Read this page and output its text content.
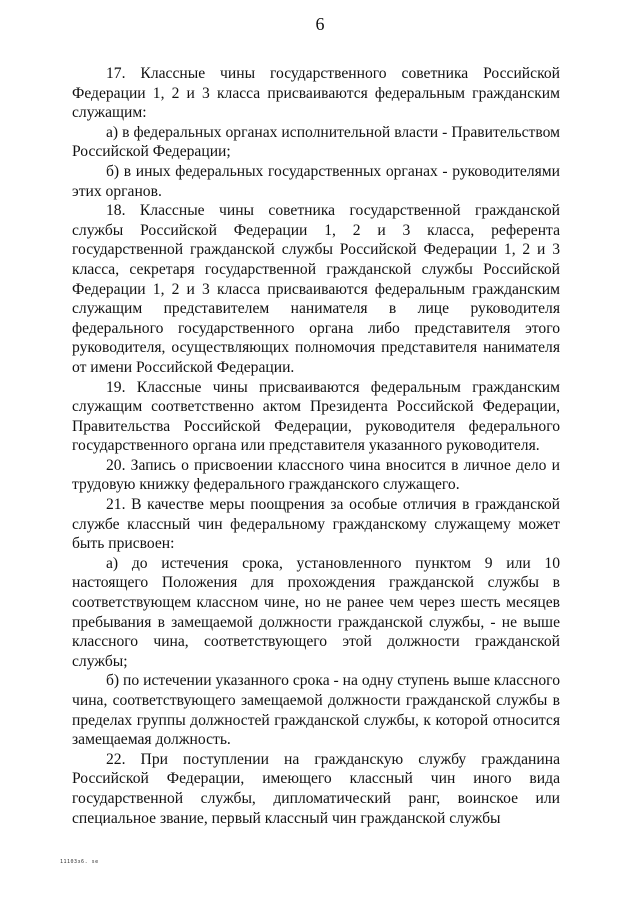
6

17. Классные чины государственного советника Российской Федерации 1, 2 и 3 класса присваиваются федеральным гражданским служащим:

а) в федеральных органах исполнительной власти - Правительством Российской Федерации;

б) в иных федеральных государственных органах - руководителями этих органов.

18. Классные чины советника государственной гражданской службы Российской Федерации 1, 2 и 3 класса, референта государственной гражданской службы Российской Федерации 1, 2 и 3 класса, секретаря государственной гражданской службы Российской Федерации 1, 2 и 3 класса присваиваются федеральным гражданским служащим представителем нанимателя в лице руководителя федерального государственного органа либо представителя этого руководителя, осуществляющих полномочия представителя нанимателя от имени Российской Федерации.

19. Классные чины присваиваются федеральным гражданским служащим соответственно актом Президента Российской Федерации, Правительства Российской Федерации, руководителя федерального государственного органа или представителя указанного руководителя.

20. Запись о присвоении классного чина вносится в личное дело и трудовую книжку федерального гражданского служащего.

21. В качестве меры поощрения за особые отличия в гражданской службе классный чин федеральному гражданскому служащему может быть присвоен:

а) до истечения срока, установленного пунктом 9 или 10 настоящего Положения для прохождения гражданской службы в соответствующем классном чине, но не ранее чем через шесть месяцев пребывания в замещаемой должности гражданской службы, - не выше классного чина, соответствующего этой должности гражданской службы;

б) по истечении указанного срока - на одну ступень выше классного чина, соответствующего замещаемой должности гражданской службы в пределах группы должностей гражданской службы, к которой относится замещаемая должность.

22. При поступлении на гражданскую службу гражданина Российской Федерации, имеющего классный чин иного вида государственной службы, дипломатический ранг, воинское или специальное звание, первый классный чин гражданской службы

11103з6. se
